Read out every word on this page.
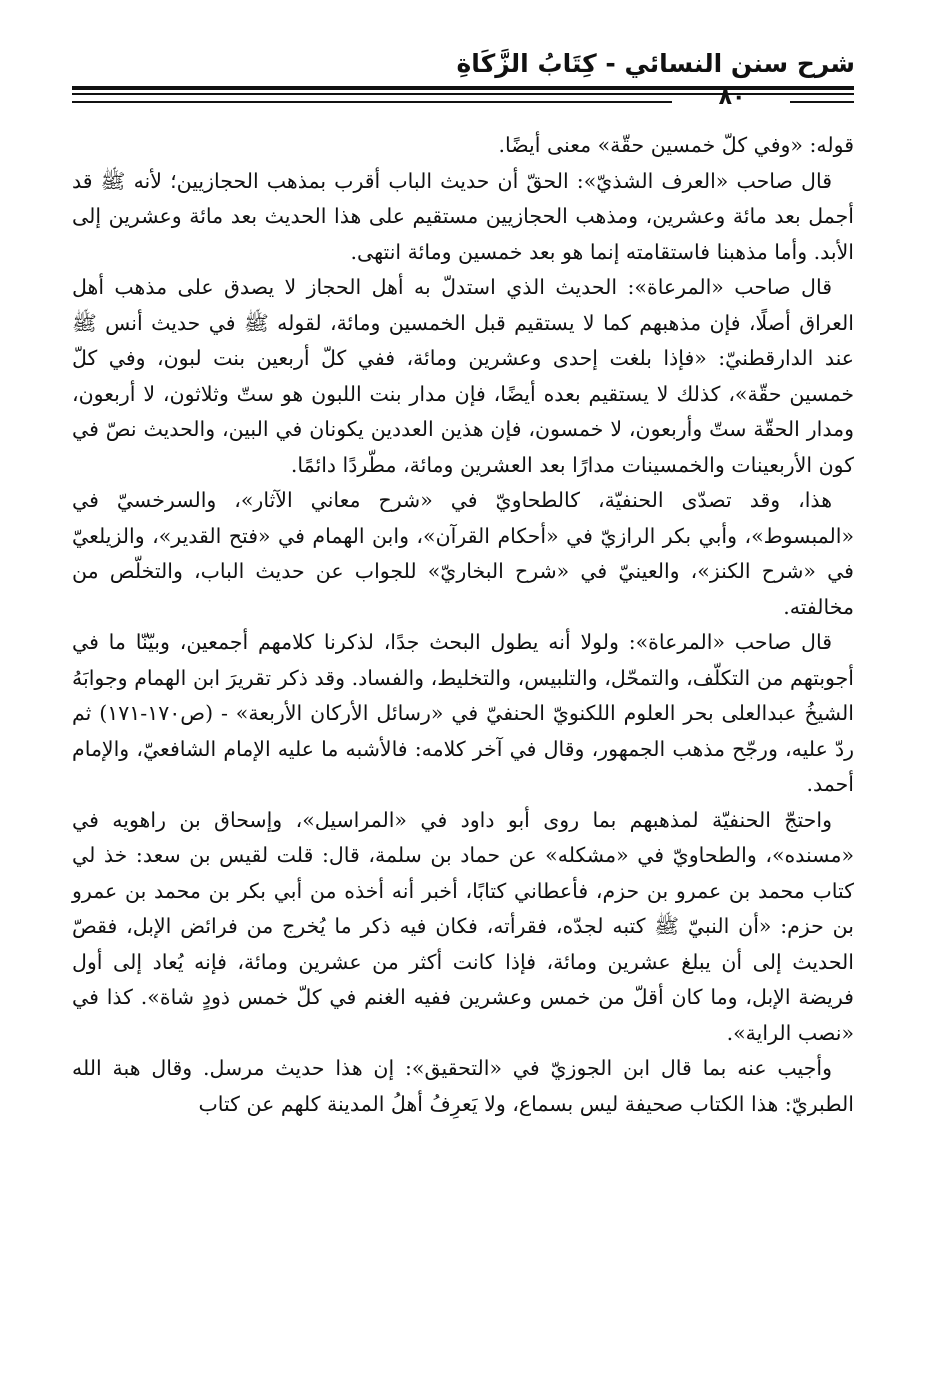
شرح سنن النسائي - كِتَابُ الزَّكَاةِ
٨٠

قوله: «وفي كلّ خمسين حقّة» معنى أيضًا.

قال صاحب «العرف الشذيّ»: الحقّ أن حديث الباب أقرب بمذهب الحجازيين؛ لأنه ﷺ قد أجمل بعد مائة وعشرين، ومذهب الحجازيين مستقيم على هذا الحديث بعد مائة وعشرين إلى الأبد. وأما مذهبنا فاستقامته إنما هو بعد خمسين ومائة انتهى.

قال صاحب «المرعاة»: الحديث الذي استدلّ به أهل الحجاز لا يصدق على مذهب أهل العراق أصلًا، فإن مذهبهم كما لا يستقيم قبل الخمسين ومائة، لقوله ﷺ في حديث أنس ﷺ عند الدارقطنيّ: «فإذا بلغت إحدى وعشرين ومائة، ففي كلّ أربعين بنت لبون، وفي كلّ خمسين حقّة»، كذلك لا يستقيم بعده أيضًا، فإن مدار بنت اللبون هو ستّ وثلاثون، لا أربعون، ومدار الحقّة ستّ وأربعون، لا خمسون، فإن هذين العددين يكونان في البين، والحديث نصّ في كون الأربعينات والخمسينات مدارًا بعد العشرين ومائة، مطّردًا دائمًا.

هذا، وقد تصدّى الحنفيّة، كالطحاويّ في «شرح معاني الآثار»، والسرخسيّ في «المبسوط»، وأبي بكر الرازيّ في «أحكام القرآن»، وابن الهمام في «فتح القدير»، والزيلعيّ في «شرح الكنز»، والعينيّ في «شرح البخاريّ» للجواب عن حديث الباب، والتخلّص من مخالفته.

قال صاحب «المرعاة»: ولولا أنه يطول البحث جدًا، لذكرنا كلامهم أجمعين، وبيّنّا ما في أجوبتهم من التكلّف، والتمحّل، والتلبيس، والتخليط، والفساد. وقد ذكر تقريرَ ابن الهمام وجوابَهُ الشيخُ عبدالعلى بحر العلوم اللكنويّ الحنفيّ في «رسائل الأركان الأربعة» - (ص١٧٠-١٧١) ثم ردّ عليه، ورجّح مذهب الجمهور، وقال في آخر كلامه: فالأشبه ما عليه الإمام الشافعيّ، والإمام أحمد.

واحتجّ الحنفيّة لمذهبهم بما روى أبو داود في «المراسيل»، وإسحاق بن راهويه في «مسنده»، والطحاويّ في «مشكله» عن حماد بن سلمة، قال: قلت لقيس بن سعد: خذ لي كتاب محمد بن عمرو بن حزم، فأعطاني كتابًا، أخبر أنه أخذه من أبي بكر بن محمد بن عمرو بن حزم: «أن النبيّ ﷺ كتبه لجدّه، فقرأته، فكان فيه ذكر ما يُخرج من فرائض الإبل، فقصّ الحديث إلى أن يبلغ عشرين ومائة، فإذا كانت أكثر من عشرين ومائة، فإنه يُعاد إلى أول فريضة الإبل، وما كان أقلّ من خمس وعشرين ففيه الغنم في كلّ خمس ذودٍ شاة». كذا في «نصب الراية».

وأجيب عنه بما قال ابن الجوزيّ في «التحقيق»: إن هذا حديث مرسل. وقال هبة الله الطبريّ: هذا الكتاب صحيفة ليس بسماع، ولا يَعرِفُ أهلُ المدينة كلهم عن كتاب
